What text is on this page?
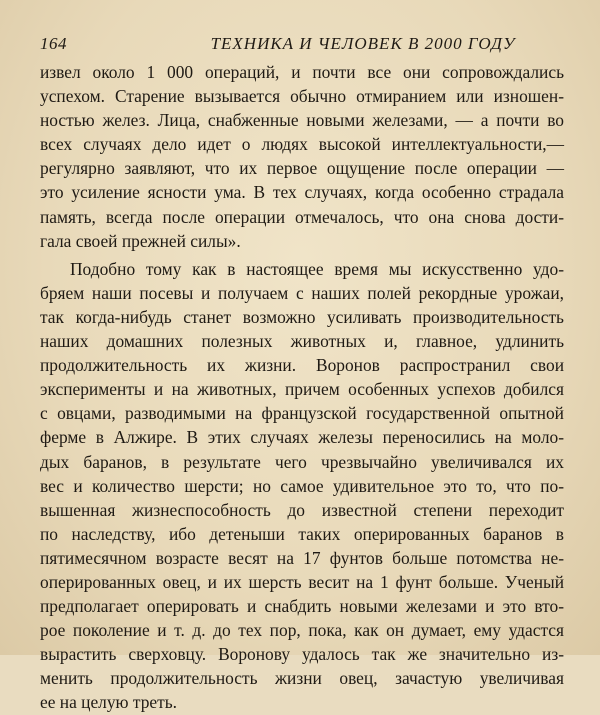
164	ТЕХНИКА И ЧЕЛОВЕК В 2000 ГОДУ

извел около 1 000 операций, и почти все они сопровождались
успехом. Старение вызывается обычно отмиранием или изношен-
ностью желез. Лица, снабженные новыми железами, — а почти во
всех случаях дело идет о людях высокой интеллектуальности,—
регулярно заявляют, что их первое ощущение после операции —
это усиление ясности ума. В тех случаях, когда особенно страдала
память, всегда после операции отмечалось, что она снова дости-
гала своей прежней силы».

Подобно тому как в настоящее время мы искусственно удо-
бряем наши посевы и получаем с наших полей рекордные урожаи,
так когда-нибудь станет возможно усиливать производительность
наших домашних полезных животных и, главное, удлинить
продолжительность их жизни. Воронов распространил свои
эксперименты и на животных, причем особенных успехов добился
с овцами, разводимыми на французской государственной опытной
ферме в Алжире. В этих случаях железы переносились на моло-
дых баранов, в результате чего чрезвычайно увеличивался их
вес и количество шерсти; но самое удивительное это то, что по-
вышенная жизнеспособность до известной степени переходит
по наследству, ибо детеныши таких оперированных баранов в
пятимесячном возрасте весят на 17 фунтов больше потомства не-
оперированных овец, и их шерсть весит на 1 фунт больше. Ученый
предполагает оперировать и снабдить новыми железами и это вто-
рое поколение и т. д. до тех пор, пока, как он думает, ему удастся
вырастить сверховцу. Воронову удалось так же значительно из-
менить продолжительность жизни овец, зачастую увеличивая
ее на целую треть.
